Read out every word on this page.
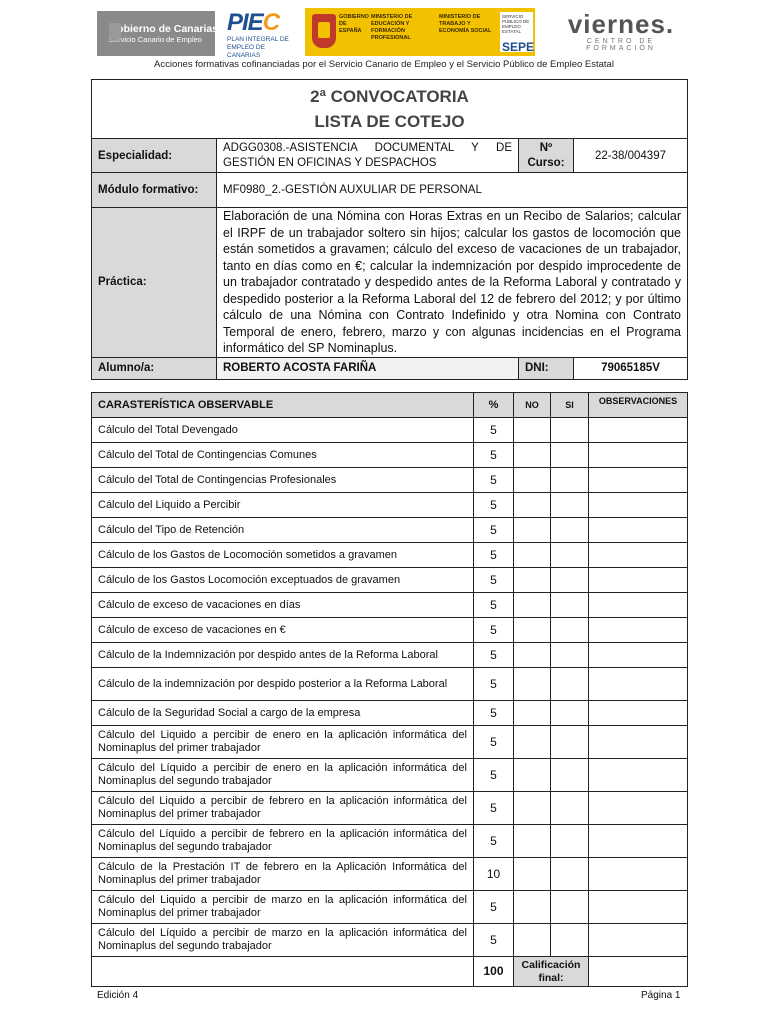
Gobierno de Canarias
Servicio Canario de Empleo
PIEC
PLAN INTEGRAL DE
EMPLEO DE CANARIAS
GOBIERNO DE ESPAÑA
MINISTERIO DE EDUCACIÓN Y FORMACIÓN PROFESIONAL
MINISTERIO DE TRABAJO Y ECONOMÍA SOCIAL
SERVICIO PÚBLICO DE EMPLEO ESTATAL
SEPE
viernes.
CENTRO DE FORMACIÓN
Acciones formativas cofinanciadas por el Servicio Canario de Empleo y el Servicio Público de Empleo Estatal
2ª CONVOCATORIA
LISTA DE COTEJO			

Especialidad:	ADGG0308.-ASISTENCIA DOCUMENTAL Y DE GESTIÓN EN OFICINAS Y DESPACHOS	Nº Curso:	22-38/004397
Módulo formativo:	MF0980_2.-GESTIÓN AUXULIAR DE PERSONAL		
Práctica:	Elaboración de una Nómina con Horas Extras en un Recibo de Salarios; calcular el IRPF de un trabajador soltero sin hijos; calcular los gastos de locomoción que están sometidos a gravamen; cálculo del exceso de vacaciones de un trabajador, tanto en días como en €; calcular la indemnización por despido improcedente de un trabajador contratado y despedido antes de la Reforma Laboral y contratado y despedido posterior a la Reforma Laboral del 12 de febrero del 2012; y por último cálculo de una Nómina con Contrato Indefinido y otra Nomina con Contrato Temporal de enero, febrero, marzo y con algunas incidencias en el Programa informático del SP Nominaplus.		
Alumno/a:	ROBERTO ACOSTA FARIÑA	DNI:	79065185V
CARASTERÍSTICA OBSERVABLE	%	NO	SI	OBSERVACIONES
Cálculo del Total Devengado	5			
Cálculo del Total de Contingencias Comunes	5			
Cálculo del Total de Contingencias Profesionales	5			
Cálculo del Liquido a Percibir	5			
Cálculo del Tipo de Retención	5			
Cálculo de los Gastos de Locomoción sometidos a gravamen	5			
Cálculo de los Gastos Locomoción exceptuados de gravamen	5			
Cálculo de exceso de vacaciones en días	5			
Cálculo de exceso de vacaciones en €	5			
Cálculo de la Indemnización por despido antes de la Reforma Laboral	5			
Cálculo de la indemnización por despido posterior a la Reforma Laboral	5			
Cálculo de la Seguridad Social a cargo de la empresa	5			
Cálculo del Liquido a percibir de enero en la aplicación informática del Nominaplus del primer trabajador	5			
Cálculo del Líquido a percibir de enero en la aplicación informática del Nominaplus del segundo trabajador	5			
Cálculo del Liquido a percibir de febrero en la aplicación informática del Nominaplus del primer trabajador	5			
Cálculo del Líquido a percibir de febrero en la aplicación informática del Nominaplus del segundo trabajador	5			
Cálculo de la Prestación IT de febrero en la Aplicación Informática del Nominaplus del primer trabajador	10			
Cálculo del Liquido a percibir de marzo en la aplicación informática del Nominaplus del primer trabajador	5			
Cálculo del Líquido a percibir de marzo en la aplicación informática del Nominaplus del segundo trabajador	5			
	100	Calificación final:		
Edición 4	Página 1
